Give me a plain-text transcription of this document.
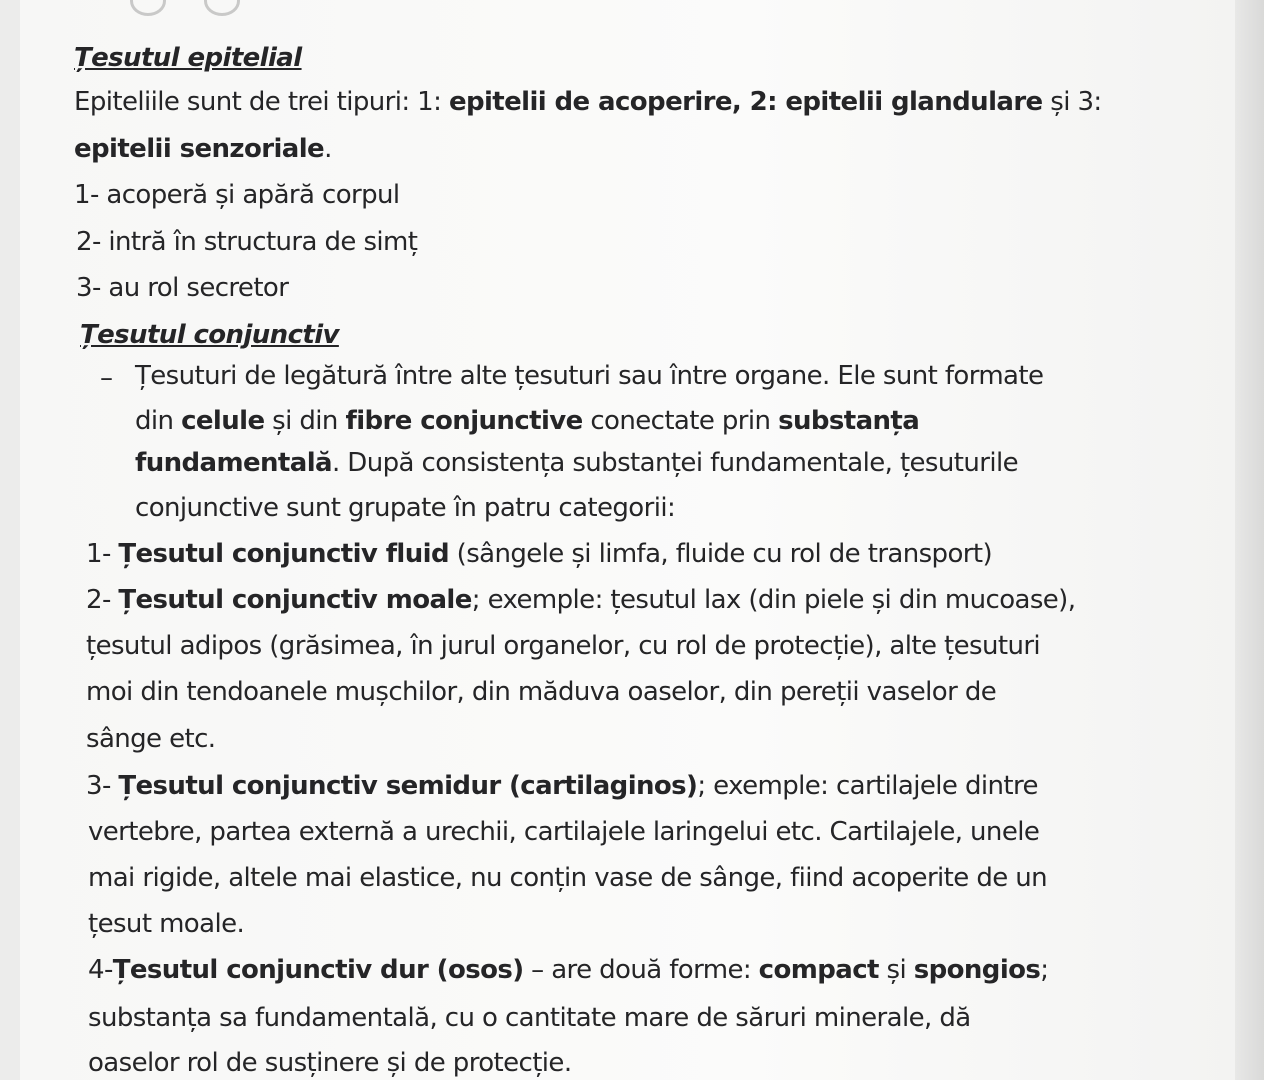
Țesutul epitelial
Epiteliile sunt de trei tipuri: 1: epitelii de acoperire, 2: epitelii glandulare și 3:
epitelii senzoriale.
1- acoperă și apără corpul
2- intră în structura de simț
3- au rol secretor
Țesutul conjunctiv
Țesuturi de legătură între alte țesuturi sau între organe. Ele sunt formate
din celule și din fibre conjunctive conectate prin substanța
fundamentală. După consistența substanței fundamentale, țesuturile
conjunctive sunt grupate în patru categorii:
1- Țesutul conjunctiv fluid (sângele și limfa, fluide cu rol de transport)
2- Țesutul conjunctiv moale; exemple: țesutul lax (din piele și din mucoase),
țesutul adipos (grăsimea, în jurul organelor, cu rol de protecție), alte țesuturi
moi din tendoanele mușchilor, din măduva oaselor, din pereții vaselor de
sânge etc.
3- Țesutul conjunctiv semidur (cartilaginos); exemple: cartilajele dintre
vertebre, partea externă a urechii, cartilajele laringelui etc. Cartilajele, unele
mai rigide, altele mai elastice, nu conțin vase de sânge, fiind acoperite de un
țesut moale.
4-Țesutul conjunctiv dur (osos) – are două forme: compact și spongios;
substanța sa fundamentală, cu o cantitate mare de săruri minerale, dă
oaselor rol de susținere și de protecție.
–
